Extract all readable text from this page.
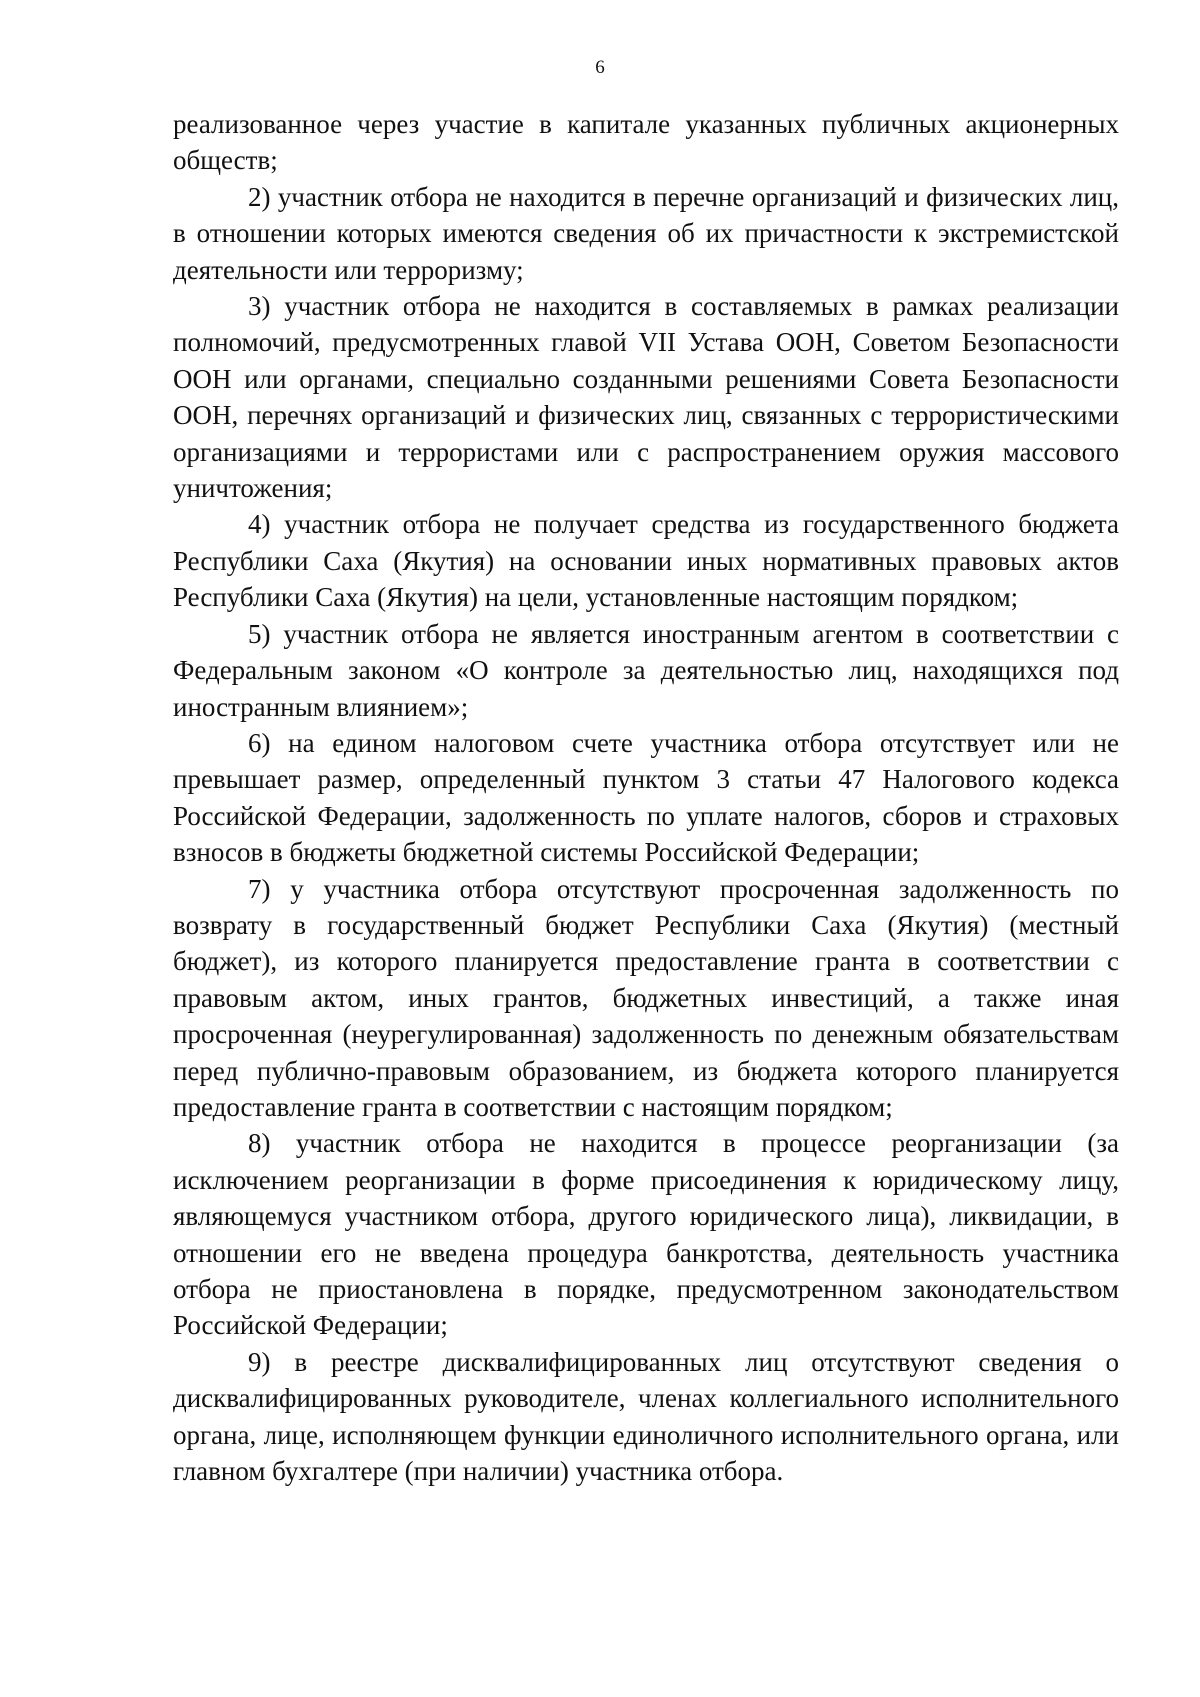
6

реализованное через участие в капитале указанных публичных акционерных обществ;

2) участник отбора не находится в перечне организаций и физических лиц, в отношении которых имеются сведения об их причастности к экстремистской деятельности или терроризму;

3) участник отбора не находится в составляемых в рамках реализации полномочий, предусмотренных главой VII Устава ООН, Советом Безопасности ООН или органами, специально созданными решениями Совета Безопасности ООН, перечнях организаций и физических лиц, связанных с террористическими организациями и террористами или с распространением оружия массового уничтожения;

4) участник отбора не получает средства из государственного бюджета Республики Саха (Якутия) на основании иных нормативных правовых актов Республики Саха (Якутия) на цели, установленные настоящим порядком;

5) участник отбора не является иностранным агентом в соответствии с Федеральным законом «О контроле за деятельностью лиц, находящихся под иностранным влиянием»;

6) на едином налоговом счете участника отбора отсутствует или не превышает размер, определенный пунктом 3 статьи 47 Налогового кодекса Российской Федерации, задолженность по уплате налогов, сборов и страховых взносов в бюджеты бюджетной системы Российской Федерации;

7) у участника отбора отсутствуют просроченная задолженность по возврату в государственный бюджет Республики Саха (Якутия) (местный бюджет), из которого планируется предоставление гранта в соответствии с правовым актом, иных грантов, бюджетных инвестиций, а также иная просроченная (неурегулированная) задолженность по денежным обязательствам перед публично-правовым образованием, из бюджета которого планируется предоставление гранта в соответствии с настоящим порядком;

8) участник отбора не находится в процессе реорганизации (за исключением реорганизации в форме присоединения к юридическому лицу, являющемуся участником отбора, другого юридического лица), ликвидации, в отношении его не введена процедура банкротства, деятельность участника отбора не приостановлена в порядке, предусмотренном законодательством Российской Федерации;

9) в реестре дисквалифицированных лиц отсутствуют сведения о дисквалифицированных руководителе, членах коллегиального исполнительного органа, лице, исполняющем функции единоличного исполнительного органа, или главном бухгалтере (при наличии) участника отбора.
